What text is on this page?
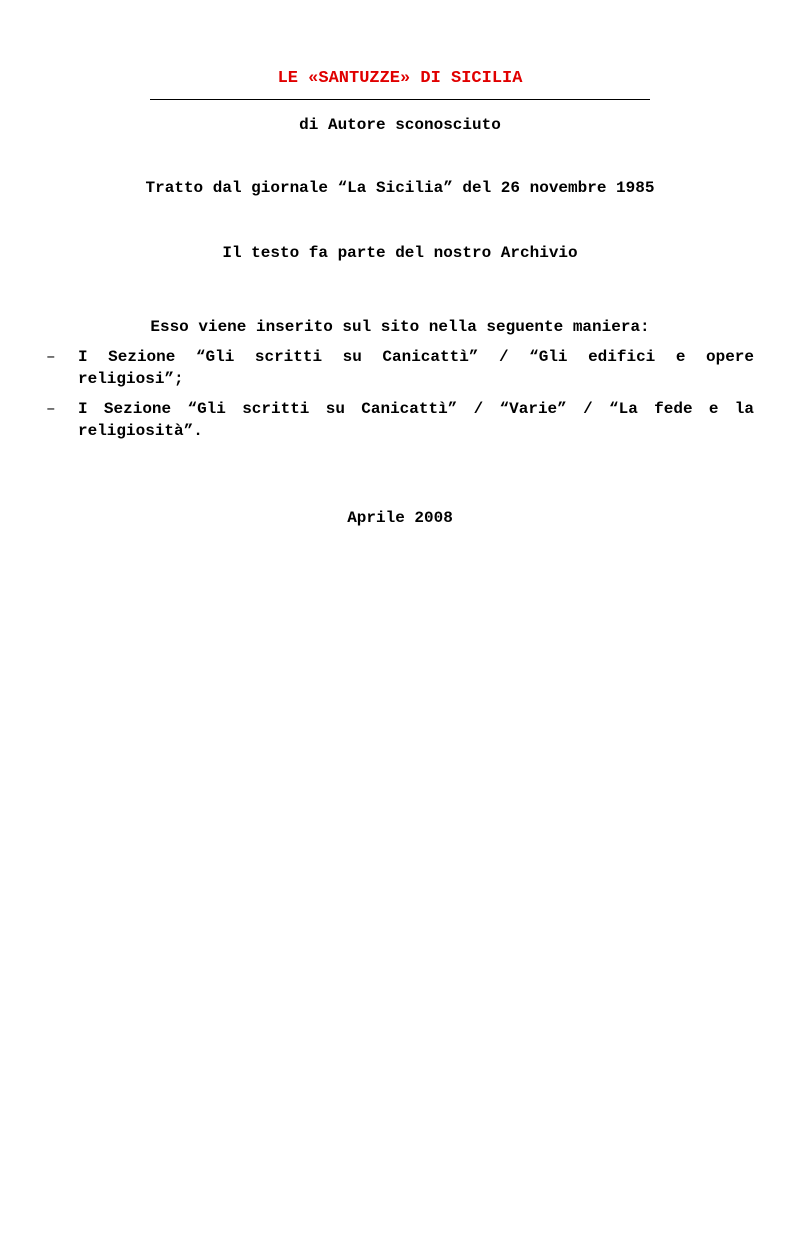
LE «SANTUZZE» DI SICILIA

di Autore sconosciuto

Tratto dal giornale “La Sicilia” del 26 novembre 1985

Il testo fa parte del nostro Archivio

Esso viene inserito sul sito nella seguente maniera:

– I Sezione “Gli scritti su Canicattì” / “Gli edifici e opere religiosi”;
– I Sezione “Gli scritti su Canicattì” / “Varie” / “La fede e la religiosità”.

Aprile 2008
